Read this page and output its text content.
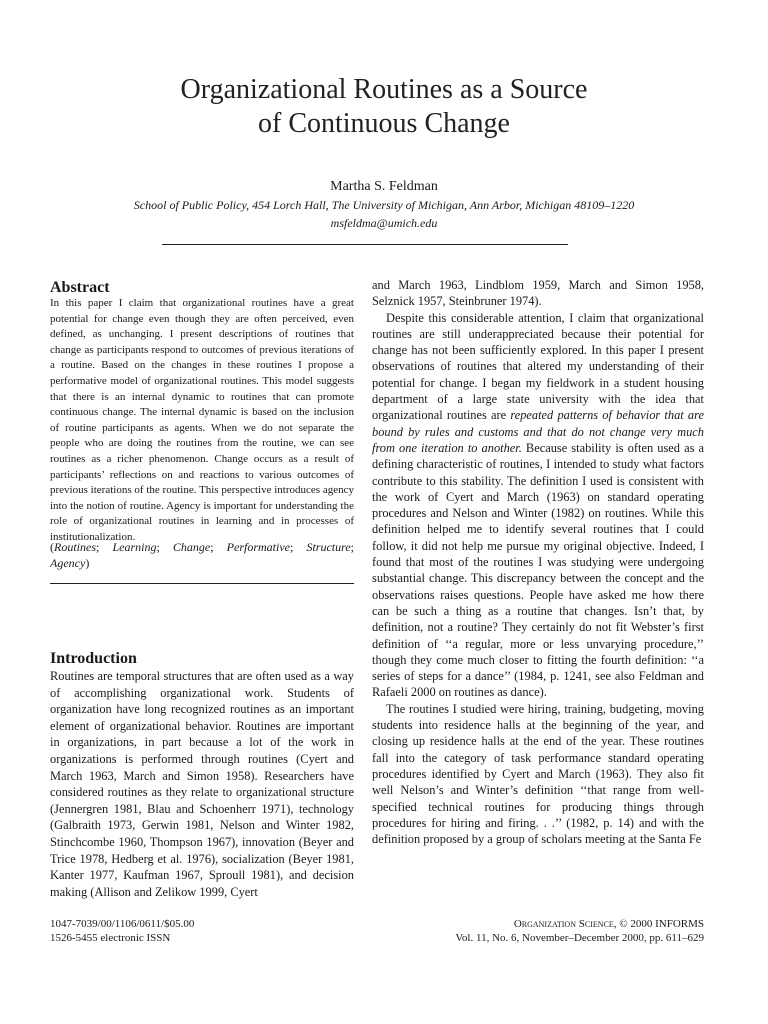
Organizational Routines as a Source
of Continuous Change
Martha S. Feldman
School of Public Policy, 454 Lorch Hall, The University of Michigan, Ann Arbor, Michigan 48109–1220
msfeldma@umich.edu
Abstract
In this paper I claim that organizational routines have a great potential for change even though they are often perceived, even defined, as unchanging. I present descriptions of routines that change as participants respond to outcomes of previous iterations of a routine. Based on the changes in these routines I propose a performative model of organizational routines. This model suggests that there is an internal dynamic to routines that can promote continuous change. The internal dynamic is based on the inclusion of routine participants as agents. When we do not separate the people who are doing the routines from the routine, we can see routines as a richer phenomenon. Change occurs as a result of participants’ reflections on and reactions to various outcomes of previous iterations of the routine. This perspective introduces agency into the notion of routine. Agency is important for understanding the role of organizational routines in learning and in processes of institutionalization.
(Routines; Learning; Change; Performative; Structure; Agency)
Introduction
Routines are temporal structures that are often used as a way of accomplishing organizational work. Students of organization have long recognized routines as an important element of organizational behavior. Routines are important in organizations, in part because a lot of the work in organizations is performed through routines (Cyert and March 1963, March and Simon 1958). Researchers have considered routines as they relate to organizational structure (Jennergren 1981, Blau and Schoenherr 1971), technology (Galbraith 1973, Gerwin 1981, Nelson and Winter 1982, Stinchcombe 1960, Thompson 1967), innovation (Beyer and Trice 1978, Hedberg et al. 1976), socialization (Beyer 1981, Kanter 1977, Kaufman 1967, Sproull 1981), and decision making (Allison and Zelikow 1999, Cyert

and March 1963, Lindblom 1959, March and Simon 1958, Selznick 1957, Steinbruner 1974).

Despite this considerable attention, I claim that organizational routines are still underappreciated because their potential for change has not been sufficiently explored. In this paper I present observations of routines that altered my understanding of their potential for change. I began my fieldwork in a student housing department of a large state university with the idea that organizational routines are repeated patterns of behavior that are bound by rules and customs and that do not change very much from one iteration to another. Because stability is often used as a defining characteristic of routines, I intended to study what factors contribute to this stability. The definition I used is consistent with the work of Cyert and March (1963) on standard operating procedures and Nelson and Winter (1982) on routines. While this definition helped me to identify several routines that I could follow, it did not help me pursue my original objective. Indeed, I found that most of the routines I was studying were undergoing substantial change. This discrepancy between the concept and the observations raises questions. People have asked me how there can be such a thing as a routine that changes. Isn’t that, by definition, not a routine? They certainly do not fit Webster’s first definition of ‘‘a regular, more or less unvarying procedure,’’ though they come much closer to fitting the fourth definition: ‘‘a series of steps for a dance’’ (1984, p. 1241, see also Feldman and Rafaeli 2000 on routines as dance).

The routines I studied were hiring, training, budgeting, moving students into residence halls at the beginning of the year, and closing up residence halls at the end of the year. These routines fall into the category of task performance standard operating procedures identified by Cyert and March (1963). They also fit well Nelson’s and Winter’s definition ‘‘that range from well-specified technical routines for producing things through procedures for hiring and firing. . .’’ (1982, p. 14) and with the definition proposed by a group of scholars meeting at the Santa Fe

1047-7039/00/1106/0611/$05.00
1526-5455 electronic ISSN
Organization Science, © 2000 INFORMS
Vol. 11, No. 6, November–December 2000, pp. 611–629
